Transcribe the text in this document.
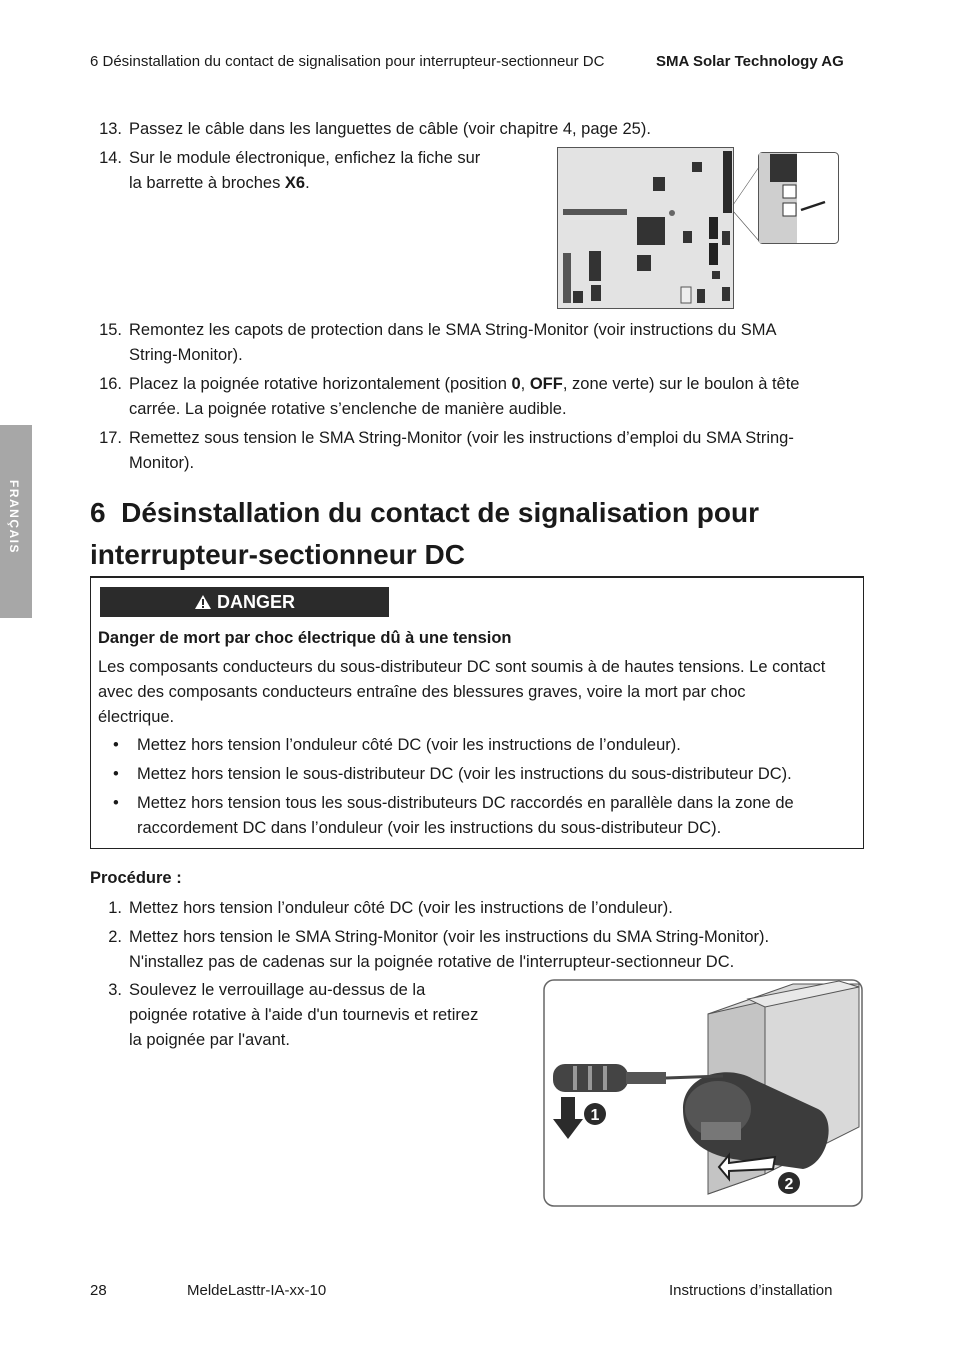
6 Désinstallation du contact de signalisation pour interrupteur-sectionneur DC	SMA Solar Technology AG
FRANÇAIS
13. Passez le câble dans les languettes de câble (voir chapitre 4, page 25).
14. Sur le module électronique, enfichez la fiche sur
la barrette à broches X6.
15. Remontez les capots de protection dans le SMA String-Monitor (voir instructions du SMA
String-Monitor).
16. Placez la poignée rotative horizontalement (position 0, OFF, zone verte) sur le boulon à tête
carrée. La poignée rotative s’enclenche de manière audible.
17. Remettez sous tension le SMA String-Monitor (voir les instructions d’emploi du SMA String-
Monitor).
6 Désinstallation du contact de signalisation pour
interrupteur-sectionneur DC
DANGER
Danger de mort par choc électrique dû à une tension
Les composants conducteurs du sous-distributeur DC sont soumis à de hautes tensions. Le contact
avec des composants conducteurs entraîne des blessures graves, voire la mort par choc
électrique.
• Mettez hors tension l’onduleur côté DC (voir les instructions de l’onduleur).
• Mettez hors tension le sous-distributeur DC (voir les instructions du sous-distributeur DC).
• Mettez hors tension tous les sous-distributeurs DC raccordés en parallèle dans la zone de
raccordement DC dans l’onduleur (voir les instructions du sous-distributeur DC).
Procédure :
1. Mettez hors tension l’onduleur côté DC (voir les instructions de l’onduleur).
2. Mettez hors tension le SMA String-Monitor (voir les instructions du SMA String-Monitor).
N'installez pas de cadenas sur la poignée rotative de l'interrupteur-sectionneur DC.
3. Soulevez le verrouillage au-dessus de la
poignée rotative à l'aide d'un tournevis et retirez
la poignée par l'avant.
1
2
28	MeldeLasttr-IA-xx-10	Instructions d’installation
